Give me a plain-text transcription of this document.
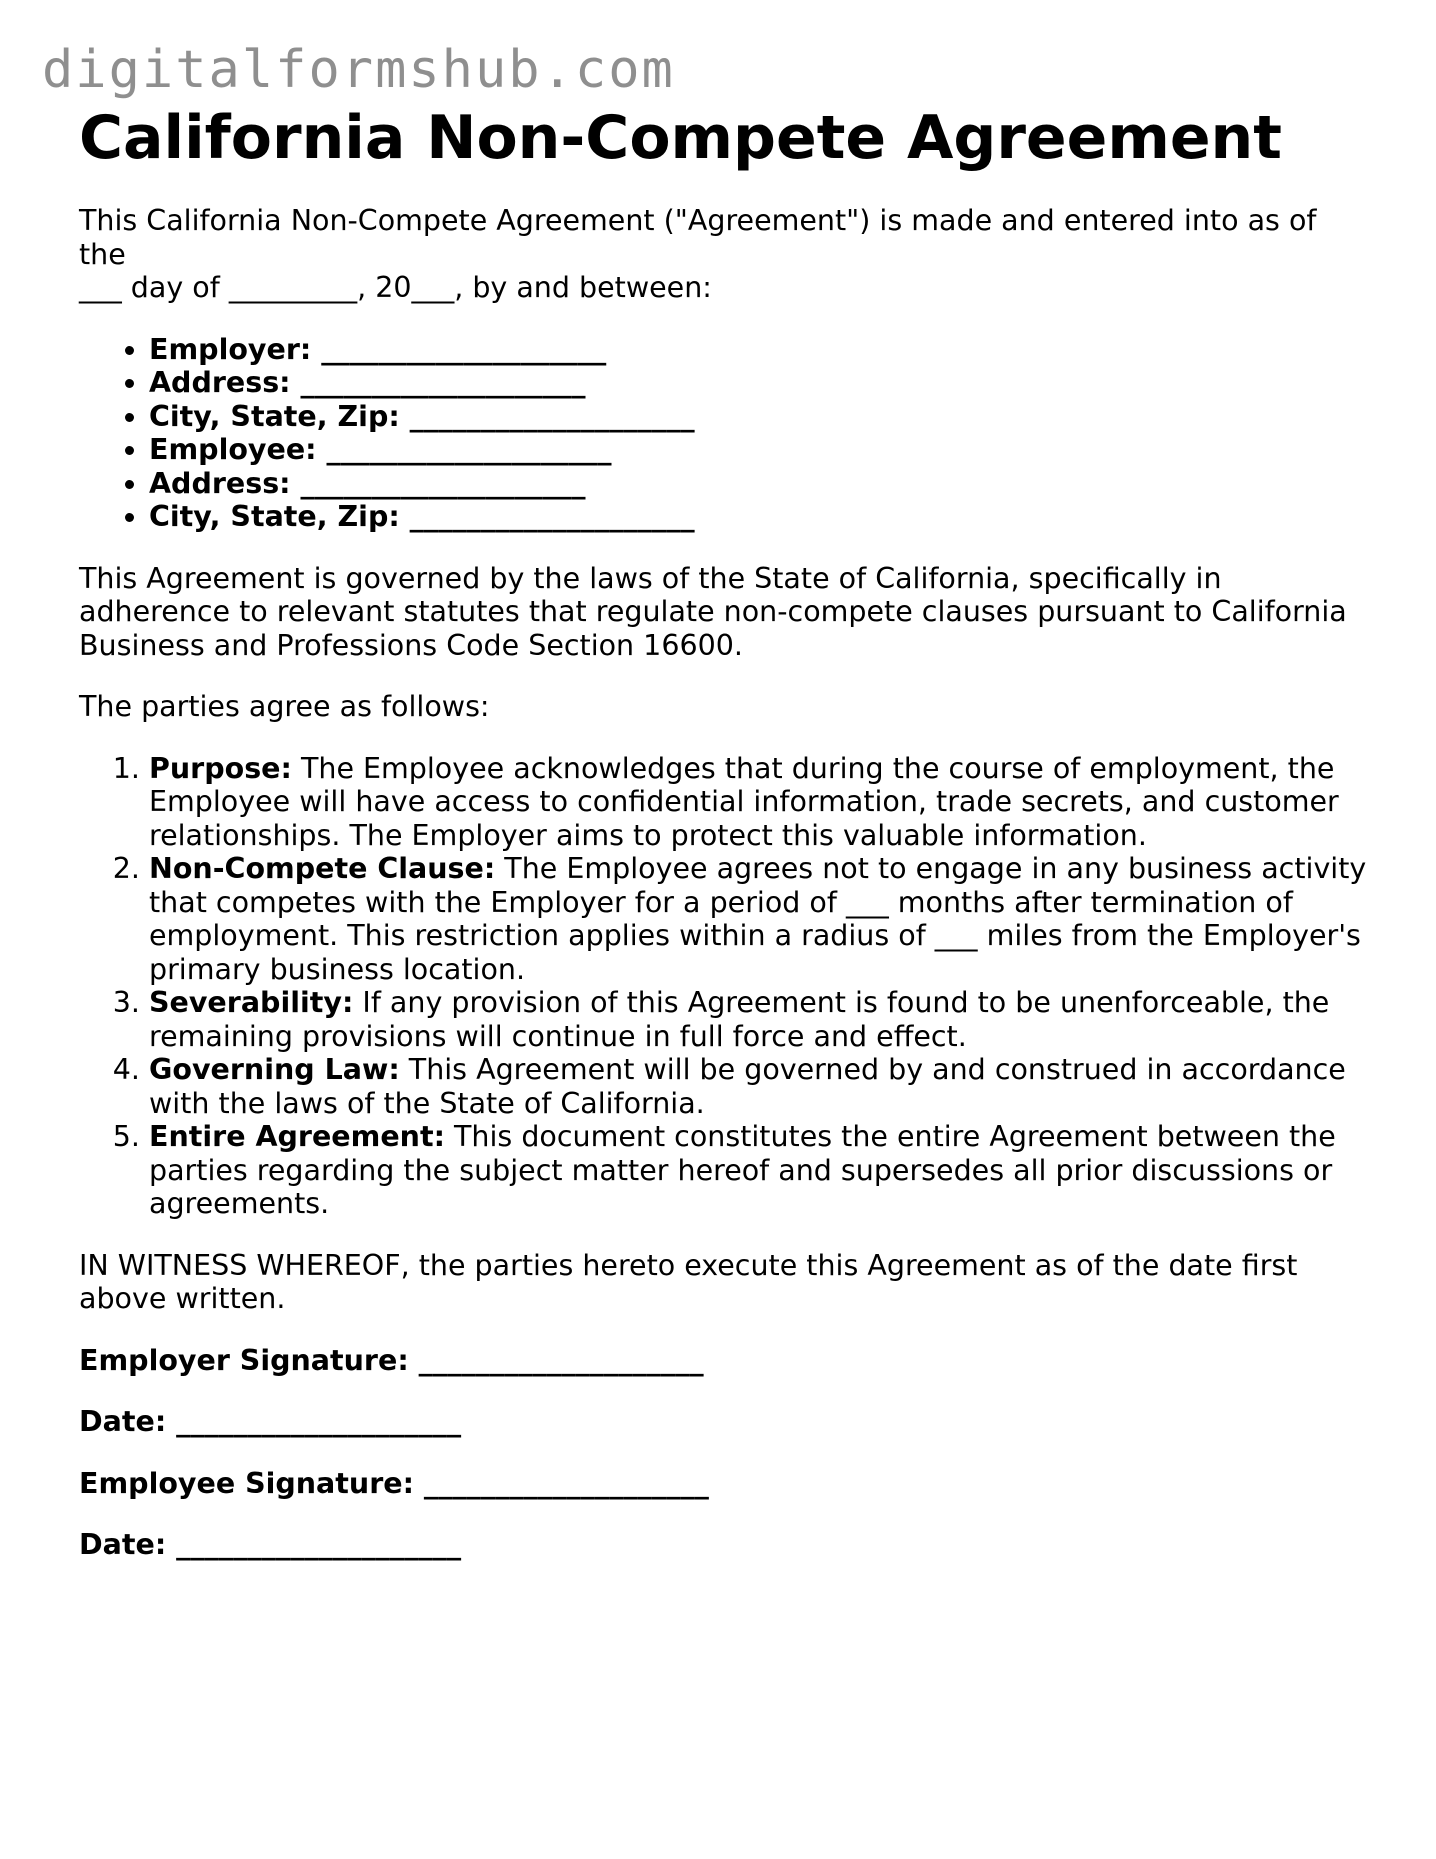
digitalformshub.com
California Non-Compete Agreement

This California Non-Compete Agreement ("Agreement") is made and entered into as of the
___ day of _________, 20___, by and between:

• Employer: ____________________
• Address: ____________________
• City, State, Zip: ____________________
• Employee: ____________________
• Address: ____________________
• City, State, Zip: ____________________

This Agreement is governed by the laws of the State of California, specifically in adherence to relevant statutes that regulate non-compete clauses pursuant to California Business and Professions Code Section 16600.

The parties agree as follows:

1. Purpose: The Employee acknowledges that during the course of employment, the Employee will have access to confidential information, trade secrets, and customer relationships. The Employer aims to protect this valuable information.
2. Non-Compete Clause: The Employee agrees not to engage in any business activity that competes with the Employer for a period of ___ months after termination of employment. This restriction applies within a radius of ___ miles from the Employer's primary business location.
3. Severability: If any provision of this Agreement is found to be unenforceable, the remaining provisions will continue in full force and effect.
4. Governing Law: This Agreement will be governed by and construed in accordance with the laws of the State of California.
5. Entire Agreement: This document constitutes the entire Agreement between the parties regarding the subject matter hereof and supersedes all prior discussions or agreements.

IN WITNESS WHEREOF, the parties hereto execute this Agreement as of the date first above written.

Employer Signature: ____________________

Date: ____________________

Employee Signature: ____________________

Date: ____________________
